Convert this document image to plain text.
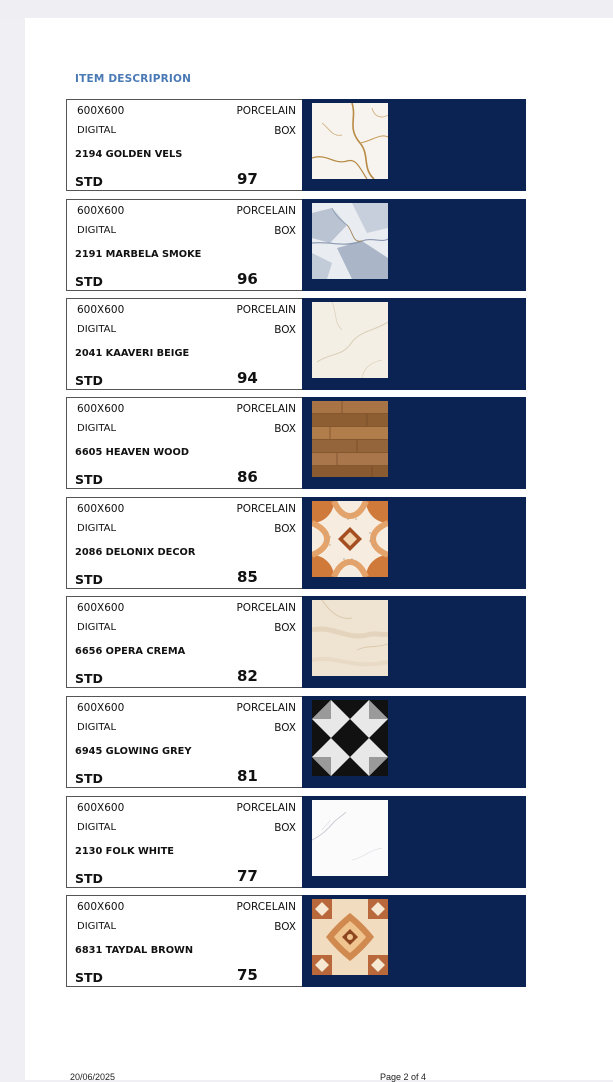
ITEM DESCRIPRION
600X600	PORCELAIN
DIGITAL	BOX
2194 GOLDEN VELS
STD	97
600X600	PORCELAIN
DIGITAL	BOX
2191 MARBELA SMOKE
STD	96
600X600	PORCELAIN
DIGITAL	BOX
2041 KAAVERI BEIGE
STD	94
600X600	PORCELAIN
DIGITAL	BOX
6605 HEAVEN WOOD
STD	86
600X600	PORCELAIN
DIGITAL	BOX
2086 DELONIX DECOR
STD	85
600X600	PORCELAIN
DIGITAL	BOX
6656 OPERA CREMA
STD	82
600X600	PORCELAIN
DIGITAL	BOX
6945 GLOWING GREY
STD	81
600X600	PORCELAIN
DIGITAL	BOX
2130 FOLK WHITE
STD	77
600X600	PORCELAIN
DIGITAL	BOX
6831 TAYDAL BROWN
STD	75
20/06/2025	Page 2 of 4
